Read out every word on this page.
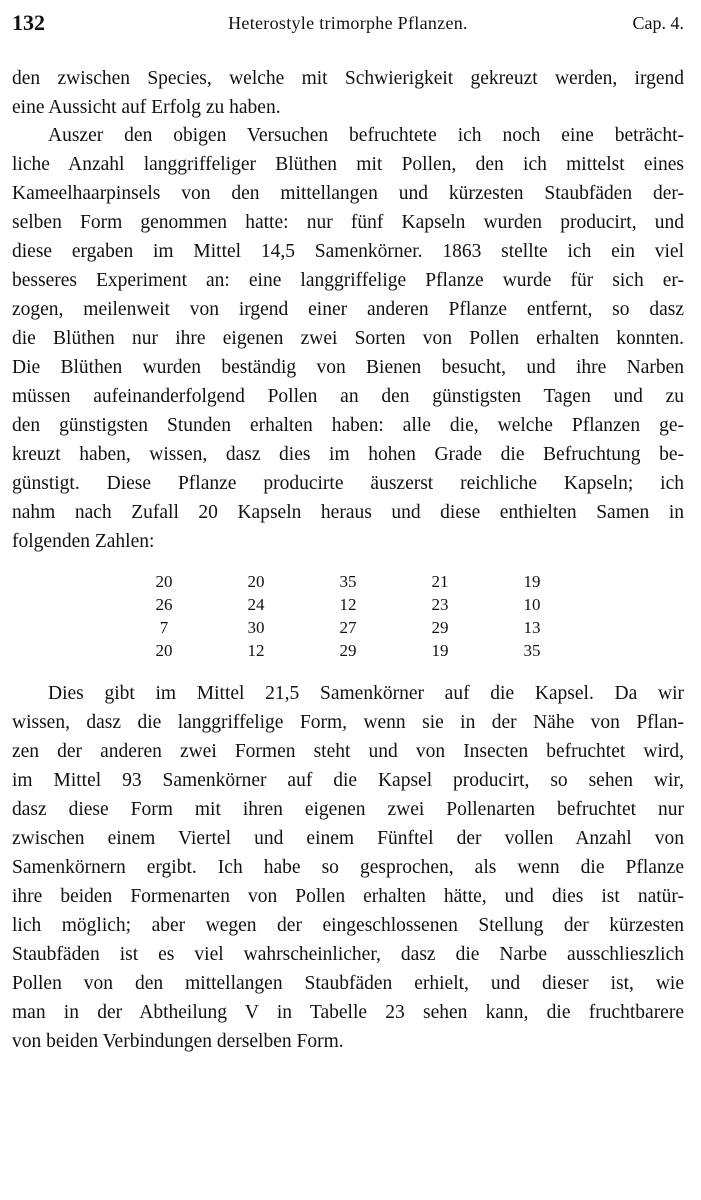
132	Heterostyle trimorphe Pflanzen.	Cap. 4.
den zwischen Species, welche mit Schwierigkeit gekreuzt werden, irgend
eine Aussicht auf Erfolg zu haben.
Auszer den obigen Versuchen befruchtete ich noch eine beträcht-
liche Anzahl langgriffeliger Blüthen mit Pollen, den ich mittelst eines
Kameelhaarpinsels von den mittellangen und kürzesten Staubfäden der-
selben Form genommen hatte: nur fünf Kapseln wurden producirt, und
diese ergaben im Mittel 14,5 Samenkörner. 1863 stellte ich ein viel
besseres Experiment an: eine langgriffelige Pflanze wurde für sich er-
zogen, meilenweit von irgend einer anderen Pflanze entfernt, so dasz
die Blüthen nur ihre eigenen zwei Sorten von Pollen erhalten konnten.
Die Blüthen wurden beständig von Bienen besucht, und ihre Narben
müssen aufeinanderfolgend Pollen an den günstigsten Tagen und zu
den günstigsten Stunden erhalten haben: alle die, welche Pflanzen ge-
kreuzt haben, wissen, dasz dies im hohen Grade die Befruchtung be-
günstigt. Diese Pflanze producirte äuszerst reichliche Kapseln; ich
nahm nach Zufall 20 Kapseln heraus und diese enthielten Samen in
folgenden Zahlen:
20	20	35	21	19
26	24	12	23	10
7	30	27	29	13
20	12	29	19	35
Dies gibt im Mittel 21,5 Samenkörner auf die Kapsel. Da wir
wissen, dasz die langgriffelige Form, wenn sie in der Nähe von Pflan-
zen der anderen zwei Formen steht und von Insecten befruchtet wird,
im Mittel 93 Samenkörner auf die Kapsel producirt, so sehen wir,
dasz diese Form mit ihren eigenen zwei Pollenarten befruchtet nur
zwischen einem Viertel und einem Fünftel der vollen Anzahl von
Samenkörnern ergibt. Ich habe so gesprochen, als wenn die Pflanze
ihre beiden Formenarten von Pollen erhalten hätte, und dies ist natür-
lich möglich; aber wegen der eingeschlossenen Stellung der kürzesten
Staubfäden ist es viel wahrscheinlicher, dasz die Narbe ausschlieszlich
Pollen von den mittellangen Staubfäden erhielt, und dieser ist, wie
man in der Abtheilung V in Tabelle 23 sehen kann, die fruchtbarere
von beiden Verbindungen derselben Form.
